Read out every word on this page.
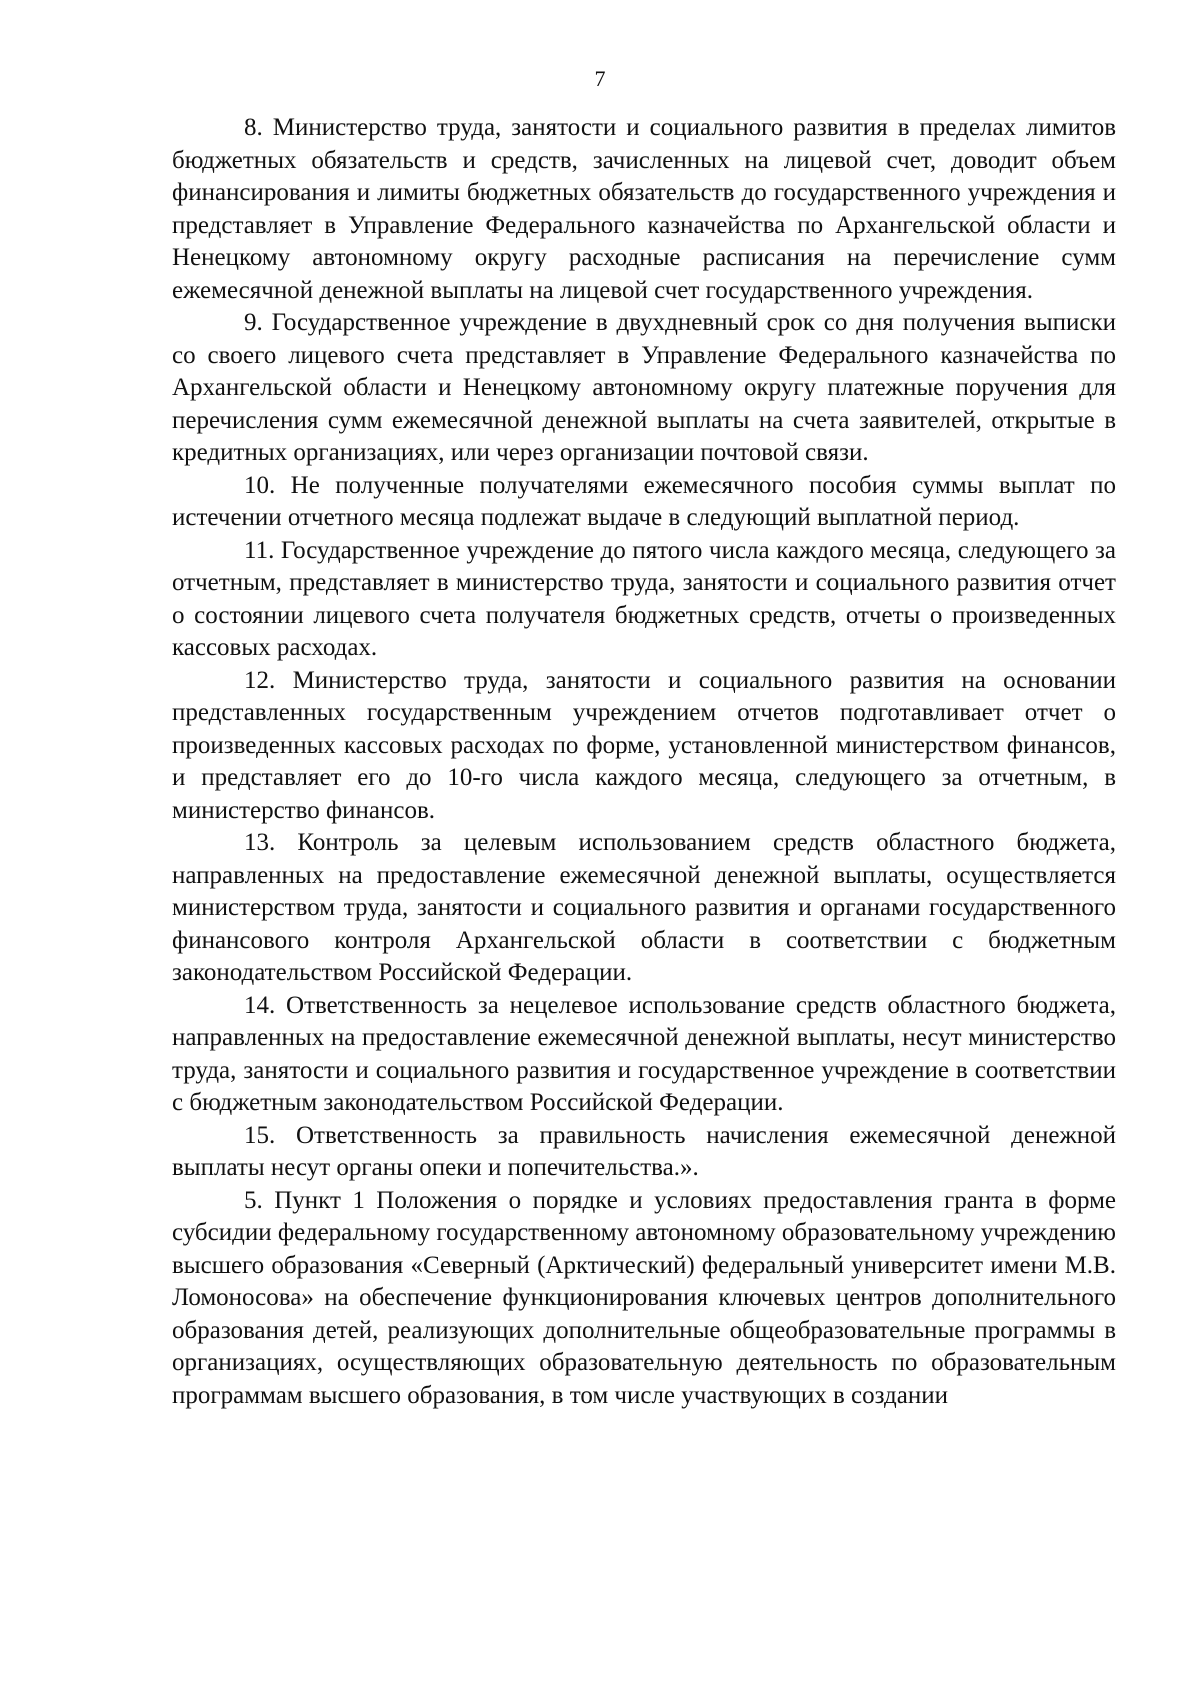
7

8. Министерство труда, занятости и социального развития в пределах лимитов бюджетных обязательств и средств, зачисленных на лицевой счет, доводит объем финансирования и лимиты бюджетных обязательств до государственного учреждения и представляет в Управление Федерального казначейства по Архангельской области и Ненецкому автономному округу расходные расписания на перечисление сумм ежемесячной денежной выплаты на лицевой счет государственного учреждения.

9. Государственное учреждение в двухдневный срок со дня получения выписки со своего лицевого счета представляет в Управление Федерального казначейства по Архангельской области и Ненецкому автономному округу платежные поручения для перечисления сумм ежемесячной денежной выплаты на счета заявителей, открытые в кредитных организациях, или через организации почтовой связи.

10. Не полученные получателями ежемесячного пособия суммы выплат по истечении отчетного месяца подлежат выдаче в следующий выплатной период.

11. Государственное учреждение до пятого числа каждого месяца, следующего за отчетным, представляет в министерство труда, занятости и социального развития отчет о состоянии лицевого счета получателя бюджетных средств, отчеты о произведенных кассовых расходах.

12. Министерство труда, занятости и социального развития на основании представленных государственным учреждением отчетов подготавливает отчет о произведенных кассовых расходах по форме, установленной министерством финансов, и представляет его до 10-го числа каждого месяца, следующего за отчетным, в министерство финансов.

13. Контроль за целевым использованием средств областного бюджета, направленных на предоставление ежемесячной денежной выплаты, осуществляется министерством труда, занятости и социального развития и органами государственного финансового контроля Архангельской области в соответствии с бюджетным законодательством Российской Федерации.

14. Ответственность за нецелевое использование средств областного бюджета, направленных на предоставление ежемесячной денежной выплаты, несут министерство труда, занятости и социального развития и государственное учреждение в соответствии с бюджетным законодательством Российской Федерации.

15. Ответственность за правильность начисления ежемесячной денежной выплаты несут органы опеки и попечительства.».

5. Пункт 1 Положения о порядке и условиях предоставления гранта в форме субсидии федеральному государственному автономному образовательному учреждению высшего образования «Северный (Арктический) федеральный университет имени М.В. Ломоносова» на обеспечение функционирования ключевых центров дополнительного образования детей, реализующих дополнительные общеобразовательные программы в организациях, осуществляющих образовательную деятельность по образовательным программам высшего образования, в том числе участвующих в создании
